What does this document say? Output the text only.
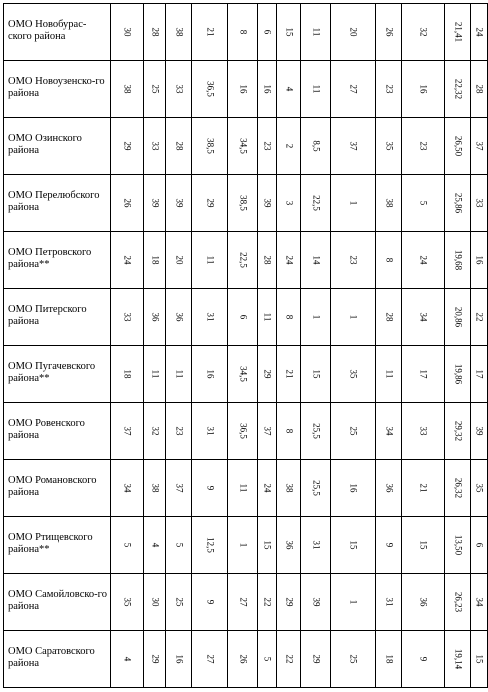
ОМО Новобурас-ского района	30	28	38	21	8	6	15	11	20	26	32	21,41	24

ОМО Новоузенско-го района	38	25	33	36,5	16	16	4	11	27	23	16	22,32	28

ОМО Озинского района	29	33	28	38,5	34,5	23	2	8,5	37	35	23	26,50	37

ОМО Перелюбского района	26	39	39	29	38,5	39	3	22,5	1	38	5	25,86	33

ОМО Петровского района**	24	18	20	11	22,5	28	24	14	23	8	24	19,68	16

ОМО Питерского района	33	36	36	31	6	11	8	1	1	28	34	20,86	22

ОМО Пугачевского района**	18	11	11	16	34,5	29	21	15	35	11	17	19,86	17

ОМО Ровенского района	37	32	23	31	36,5	37	8	25,5	25	34	33	29,32	39

ОМО Романовского района	34	38	37	9	11	24	38	25,5	16	36	21	26,32	35

ОМО Ртищевского района**	5	4	5	12,5	1	15	36	31	15	9	15	13,50	6

ОМО Самойловско-го района	35	30	25	9	27	22	29	39	1	31	36	26,23	34

ОМО Саратовского района	4	29	16	27	26	5	22	29	25	18	9	19,14	15
